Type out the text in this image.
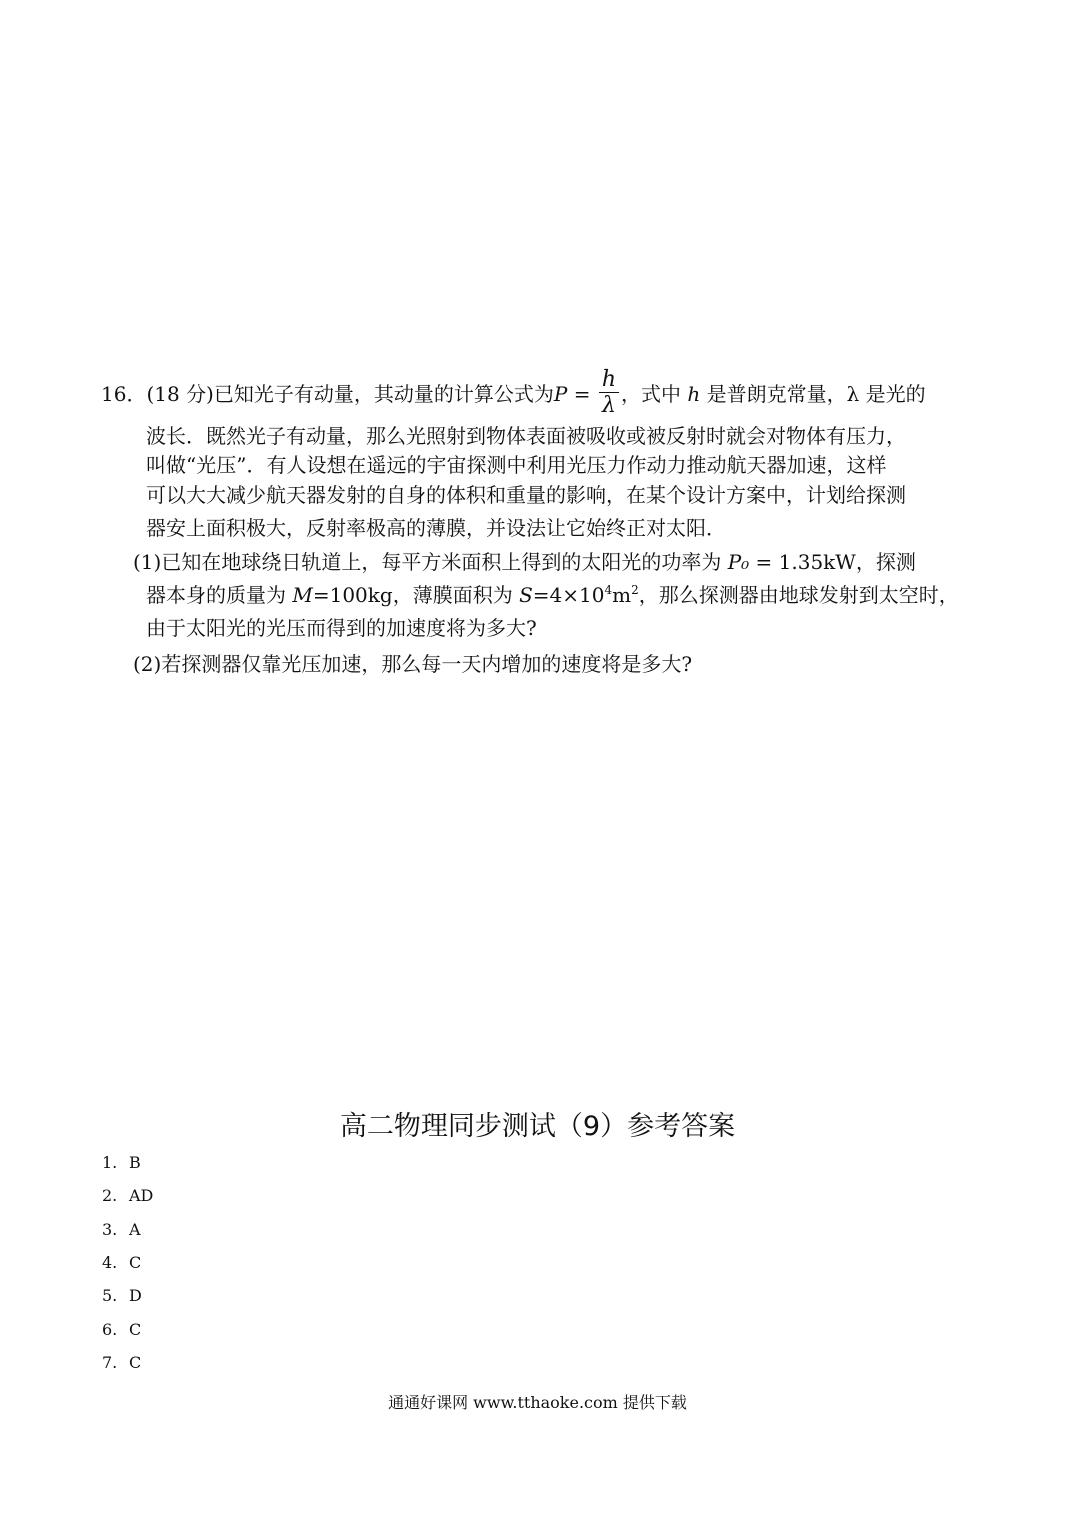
16．(18 分)已知光子有动量，其动量的计算公式为$P = \frac{h}{\lambda}$ ，式中 h 是普朗克常量，λ 是光的
波长．既然光子有动量，那么光照射到物体表面被吸收或被反射时就会对物体有压力，
叫做“光压”．有人设想在遥远的宇宙探测中利用光压力作动力推动航天器加速，这样
可以大大减少航天器发射的自身的体积和重量的影响，在某个设计方案中，计划给探测
器安上面积极大，反射率极高的薄膜，并设法让它始终正对太阳．
(1)已知在地球绕日轨道上，每平方米面积上得到的太阳光的功率为 P₀ = 1.35kW，探测
器本身的质量为 M=100kg，薄膜面积为 $S=4\times 10^4m^2$，那么探测器由地球发射到太空时，
由于太阳光的光压而得到的加速度将为多大?
(2)若探测器仅靠光压加速，那么每一天内增加的速度将是多大?
高二物理同步测试（9）参考答案
1. B
2. AD
3. A
4. C
5. D
6. C
7. C
通通好课网 www.tthaoke.com 提供下载
